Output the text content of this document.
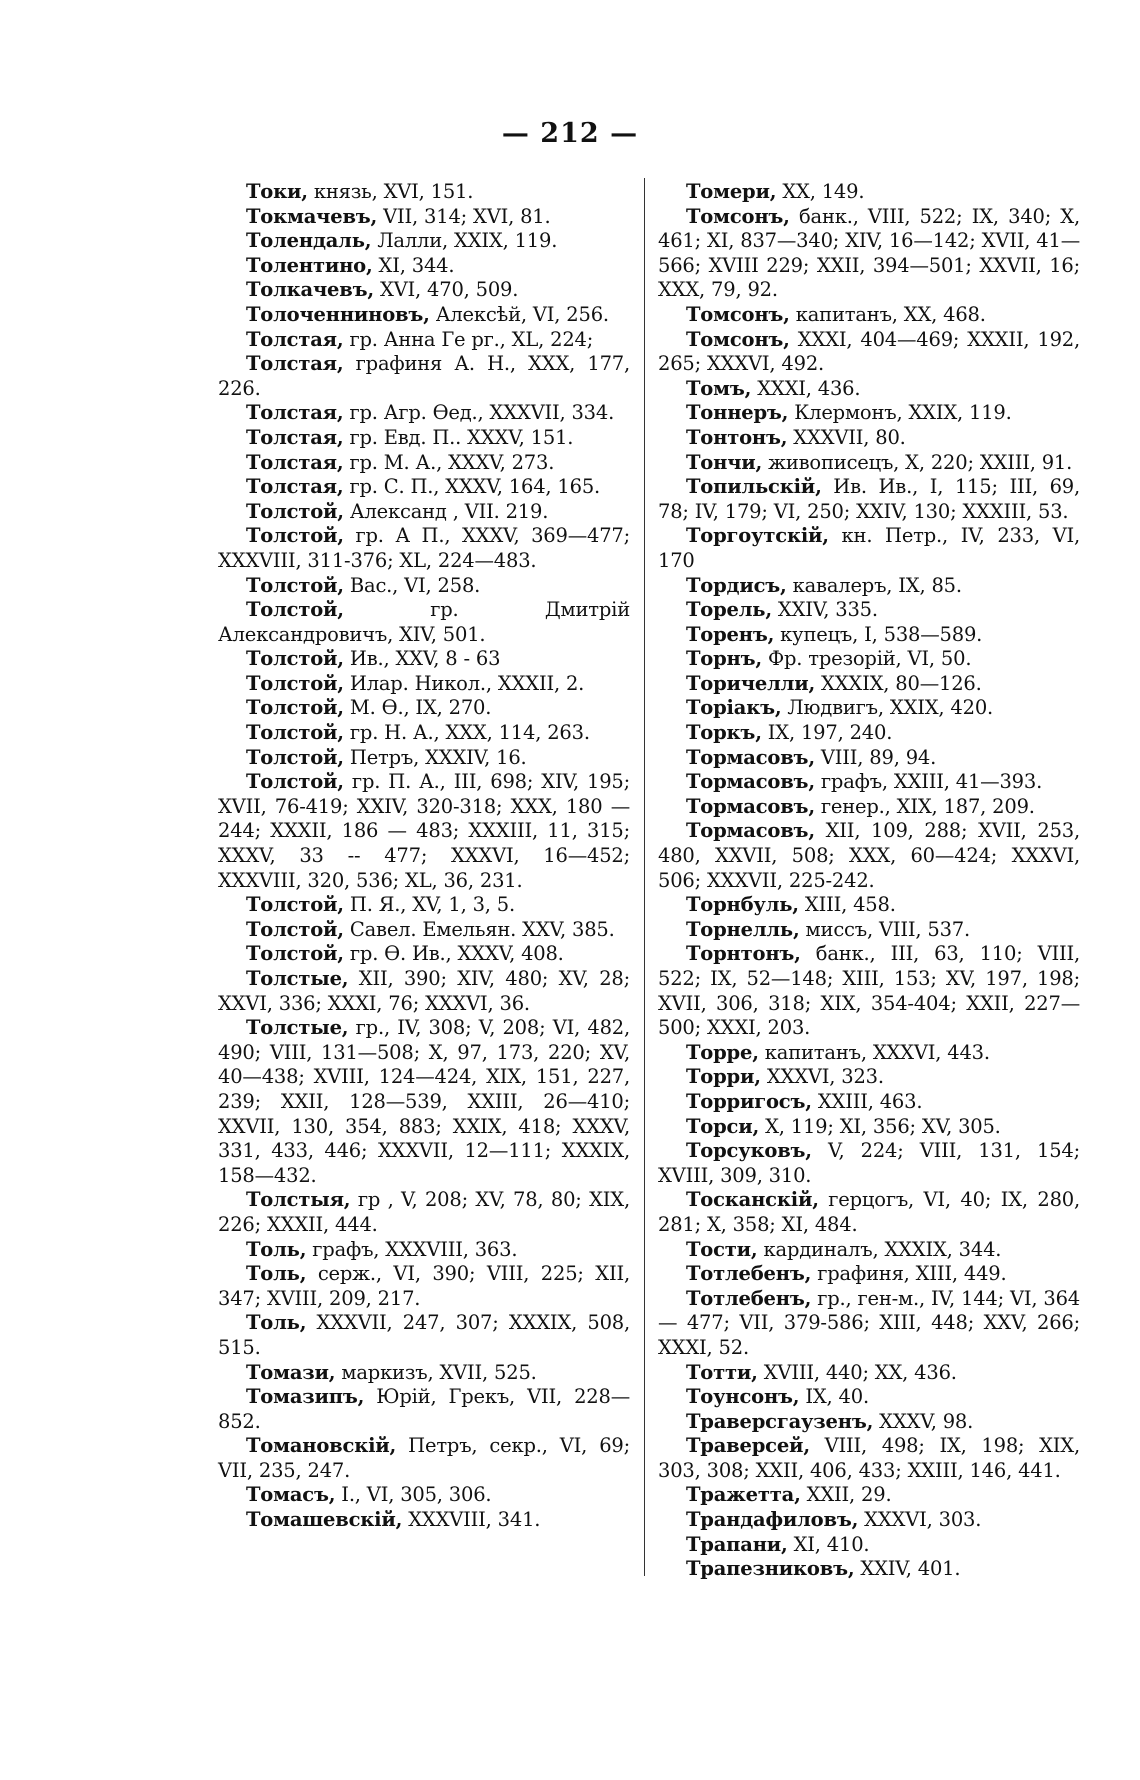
— 212 —

Токи, князь, XVI, 151.

Токмачевъ, VII, 314; XVI, 81.

Толендаль, Лалли, XXIX, 119.

Толентино, XI, 344.

Толкачевъ, XVI, 470, 509.

Толоченниновъ, Алексѣй, VI, 256.

Толстая, гр. Анна Ге рг., XL, 224;

Толстая, графиня А. Н., XXX, 177, 226.

Толстая, гр. Агр. Ѳед., XXXVII, 334.

Толстая, гр. Евд. П.. XXXV, 151.

Толстая, гр. М. А., XXXV, 273.

Толстая, гр. С. П., XXXV, 164, 165.

Толстой, Александ , VII. 219.

Толстой, гр. А П., XXXV, 369—477; XXXVIII, 311-376; XL, 224—483.

Толстой, Вас., VI, 258.

Толстой, гр. Дмитрій Александровичъ, XIV, 501.

Толстой, Ив., XXV, 8 - 63

Толстой, Илар. Никол., XXXII, 2.

Толстой, М. Ѳ., IX, 270.

Толстой, гр. Н. А., XXX, 114, 263.

Толстой, Петръ, XXXIV, 16.

Толстой, гр. П. А., III, 698; XIV, 195; XVII, 76-419; XXIV, 320-318; XXX, 180 — 244; XXXII, 186 — 483; XXXIII, 11, 315; XXXV, 33 -- 477; XXXVI, 16—452; XXXVIII, 320, 536; XL, 36, 231.

Толстой, П. Я., XV, 1, 3, 5.

Толстой, Савел. Емельян. XXV, 385.

Толстой, гр. Ѳ. Ив., XXXV, 408.

Толстые, XII, 390; XIV, 480; XV, 28; XXVI, 336; XXXI, 76; XXXVI, 36.

Толстые, гр., IV, 308; V, 208; VI, 482, 490; VIII, 131—508; X, 97, 173, 220; XV, 40—438; XVIII, 124—424, XIX, 151, 227, 239; XXII, 128—539, XXIII, 26—410; XXVII, 130, 354, 883; XXIX, 418; XXXV, 331, 433, 446; XXXVII, 12—111; XXXIX, 158—432.

Толстыя, гр , V, 208; XV, 78, 80; XIX, 226; XXXII, 444.

Толь, графъ, XXXVIII, 363.

Толь, серж., VI, 390; VIII, 225; XII, 347; XVIII, 209, 217.

Толь, XXXVII, 247, 307; XXXIX, 508, 515.

Томази, маркизъ, XVII, 525.

Томазипъ, Юрій, Грекъ, VII, 228—852.

Томановскій, Петръ, секр., VI, 69; VII, 235, 247.

Томасъ, I., VI, 305, 306.

Томашевскій, XXXVIII, 341.

Томери, XX, 149.

Томсонъ, банк., VIII, 522; IX, 340; X, 461; XI, 837—340; XIV, 16—142; XVII, 41—566; XVIII 229; XXII, 394—501; XXVII, 16; XXX, 79, 92.

Томсонъ, капитанъ, XX, 468.

Томсонъ, XXXI, 404—469; XXXII, 192, 265; XXXVI, 492.

Томъ, XXXI, 436.

Тоннеръ, Клермонъ, XXIX, 119.

Тонтонъ, XXXVII, 80.

Тончи, живописецъ, X, 220; XXIII, 91.

Топильскій, Ив. Ив., I, 115; III, 69, 78; IV, 179; VI, 250; XXIV, 130; XXXIII, 53.

Торгоутскій, кн. Петр., IV, 233, VI, 170

Тордисъ, кавалеръ, IX, 85.

Торель, XXIV, 335.

Торенъ, купецъ, I, 538—589.

Торнъ, Фр. трезорій, VI, 50.

Торичелли, XXXIX, 80—126.

Торіакъ, Людвигъ, XXIX, 420.

Торкъ, IX, 197, 240.

Тормасовъ, VIII, 89, 94.

Тормасовъ, графъ, XXIII, 41—393.

Тормасовъ, генер., XIX, 187, 209.

Тормасовъ, XII, 109, 288; XVII, 253, 480, XXVII, 508; XXX, 60—424; XXXVI, 506; XXXVII, 225-242.

Торнбуль, XIII, 458.

Торнелль, миссъ, VIII, 537.

Торнтонъ, банк., III, 63, 110; VIII, 522; IX, 52—148; XIII, 153; XV, 197, 198; XVII, 306, 318; XIX, 354-404; XXII, 227—500; XXXI, 203.

Торре, капитанъ, XXXVI, 443.

Торри, XXXVI, 323.

Торригосъ, XXIII, 463.

Торси, X, 119; XI, 356; XV, 305.

Торсуковъ, V, 224; VIII, 131, 154; XVIII, 309, 310.

Тосканскій, герцогъ, VI, 40; IX, 280, 281; X, 358; XI, 484.

Тости, кардиналъ, XXXIX, 344.

Тотлебенъ, графиня, XIII, 449.

Тотлебенъ, гр., ген-м., IV, 144; VI, 364 — 477; VII, 379-586; XIII, 448; XXV, 266; XXXI, 52.

Тотти, XVIII, 440; XX, 436.

Тоунсонъ, IX, 40.

Траверсгаузенъ, XXXV, 98.

Траверсей, VIII, 498; IX, 198; XIX, 303, 308; XXII, 406, 433; XXIII, 146, 441.

Тражетта, XXII, 29.

Трандафиловъ, XXXVI, 303.

Трапани, XI, 410.

Трапезниковъ, XXIV, 401.
